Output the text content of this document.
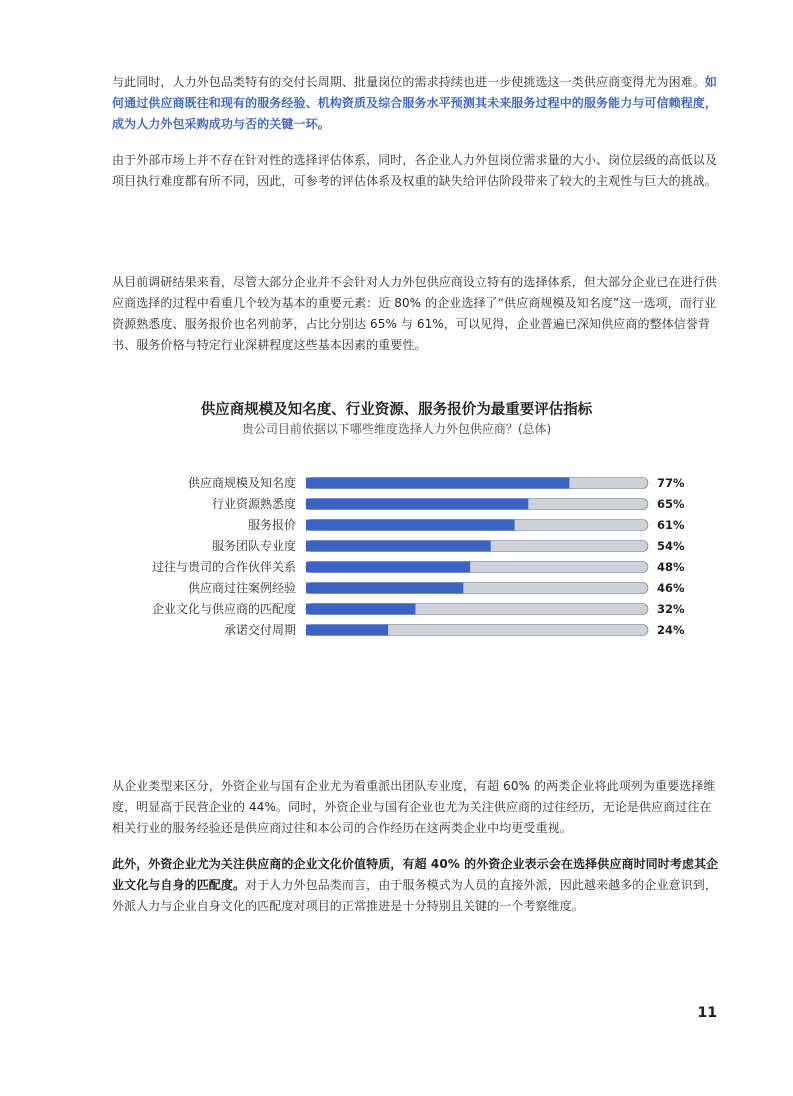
与此同时，人力外包品类特有的交付长周期、批量岗位的需求持续也进一步使挑选这一类供应商变得尤为困难。如何通过供应商既往和现有的服务经验、机构资质及综合服务水平预测其未来服务过程中的服务能力与可信赖程度，成为人力外包采购成功与否的关键一环。

由于外部市场上并不存在针对性的选择评估体系，同时，各企业人力外包岗位需求量的大小、岗位层级的高低以及项目执行难度都有所不同，因此，可参考的评估体系及权重的缺失给评估阶段带来了较大的主观性与巨大的挑战。

从目前调研结果来看，尽管大部分企业并不会针对人力外包供应商设立特有的选择体系，但大部分企业已在进行供应商选择的过程中看重几个较为基本的重要元素：近 80% 的企业选择了“供应商规模及知名度”这一选项，而行业资源熟悉度、服务报价也名列前茅，占比分别达 65% 与 61%，可以见得，企业普遍已深知供应商的整体信誉背书、服务价格与特定行业深耕程度这些基本因素的重要性。

供应商规模及知名度、行业资源、服务报价为最重要评估指标

贵公司目前依据以下哪些维度选择人力外包供应商？(总体)

供应商规模及知名度	77%
行业资源熟悉度	65%
服务报价	61%
服务团队专业度	54%
过往与贵司的合作伙伴关系	48%
供应商过往案例经验	46%
企业文化与供应商的匹配度	32%
承诺交付周期	24%

从企业类型来区分，外资企业与国有企业尤为看重派出团队专业度，有超 60% 的两类企业将此项列为重要选择维度，明显高于民营企业的 44%。同时，外资企业与国有企业也尤为关注供应商的过往经历，无论是供应商过往在相关行业的服务经验还是供应商过往和本公司的合作经历在这两类企业中均更受重视。

此外，外资企业尤为关注供应商的企业文化价值特质，有超 40% 的外资企业表示会在选择供应商时同时考虑其企业文化与自身的匹配度。对于人力外包品类而言，由于服务模式为人员的直接外派，因此越来越多的企业意识到，外派人力与企业自身文化的匹配度对项目的正常推进是十分特别且关键的一个考察维度。

11
